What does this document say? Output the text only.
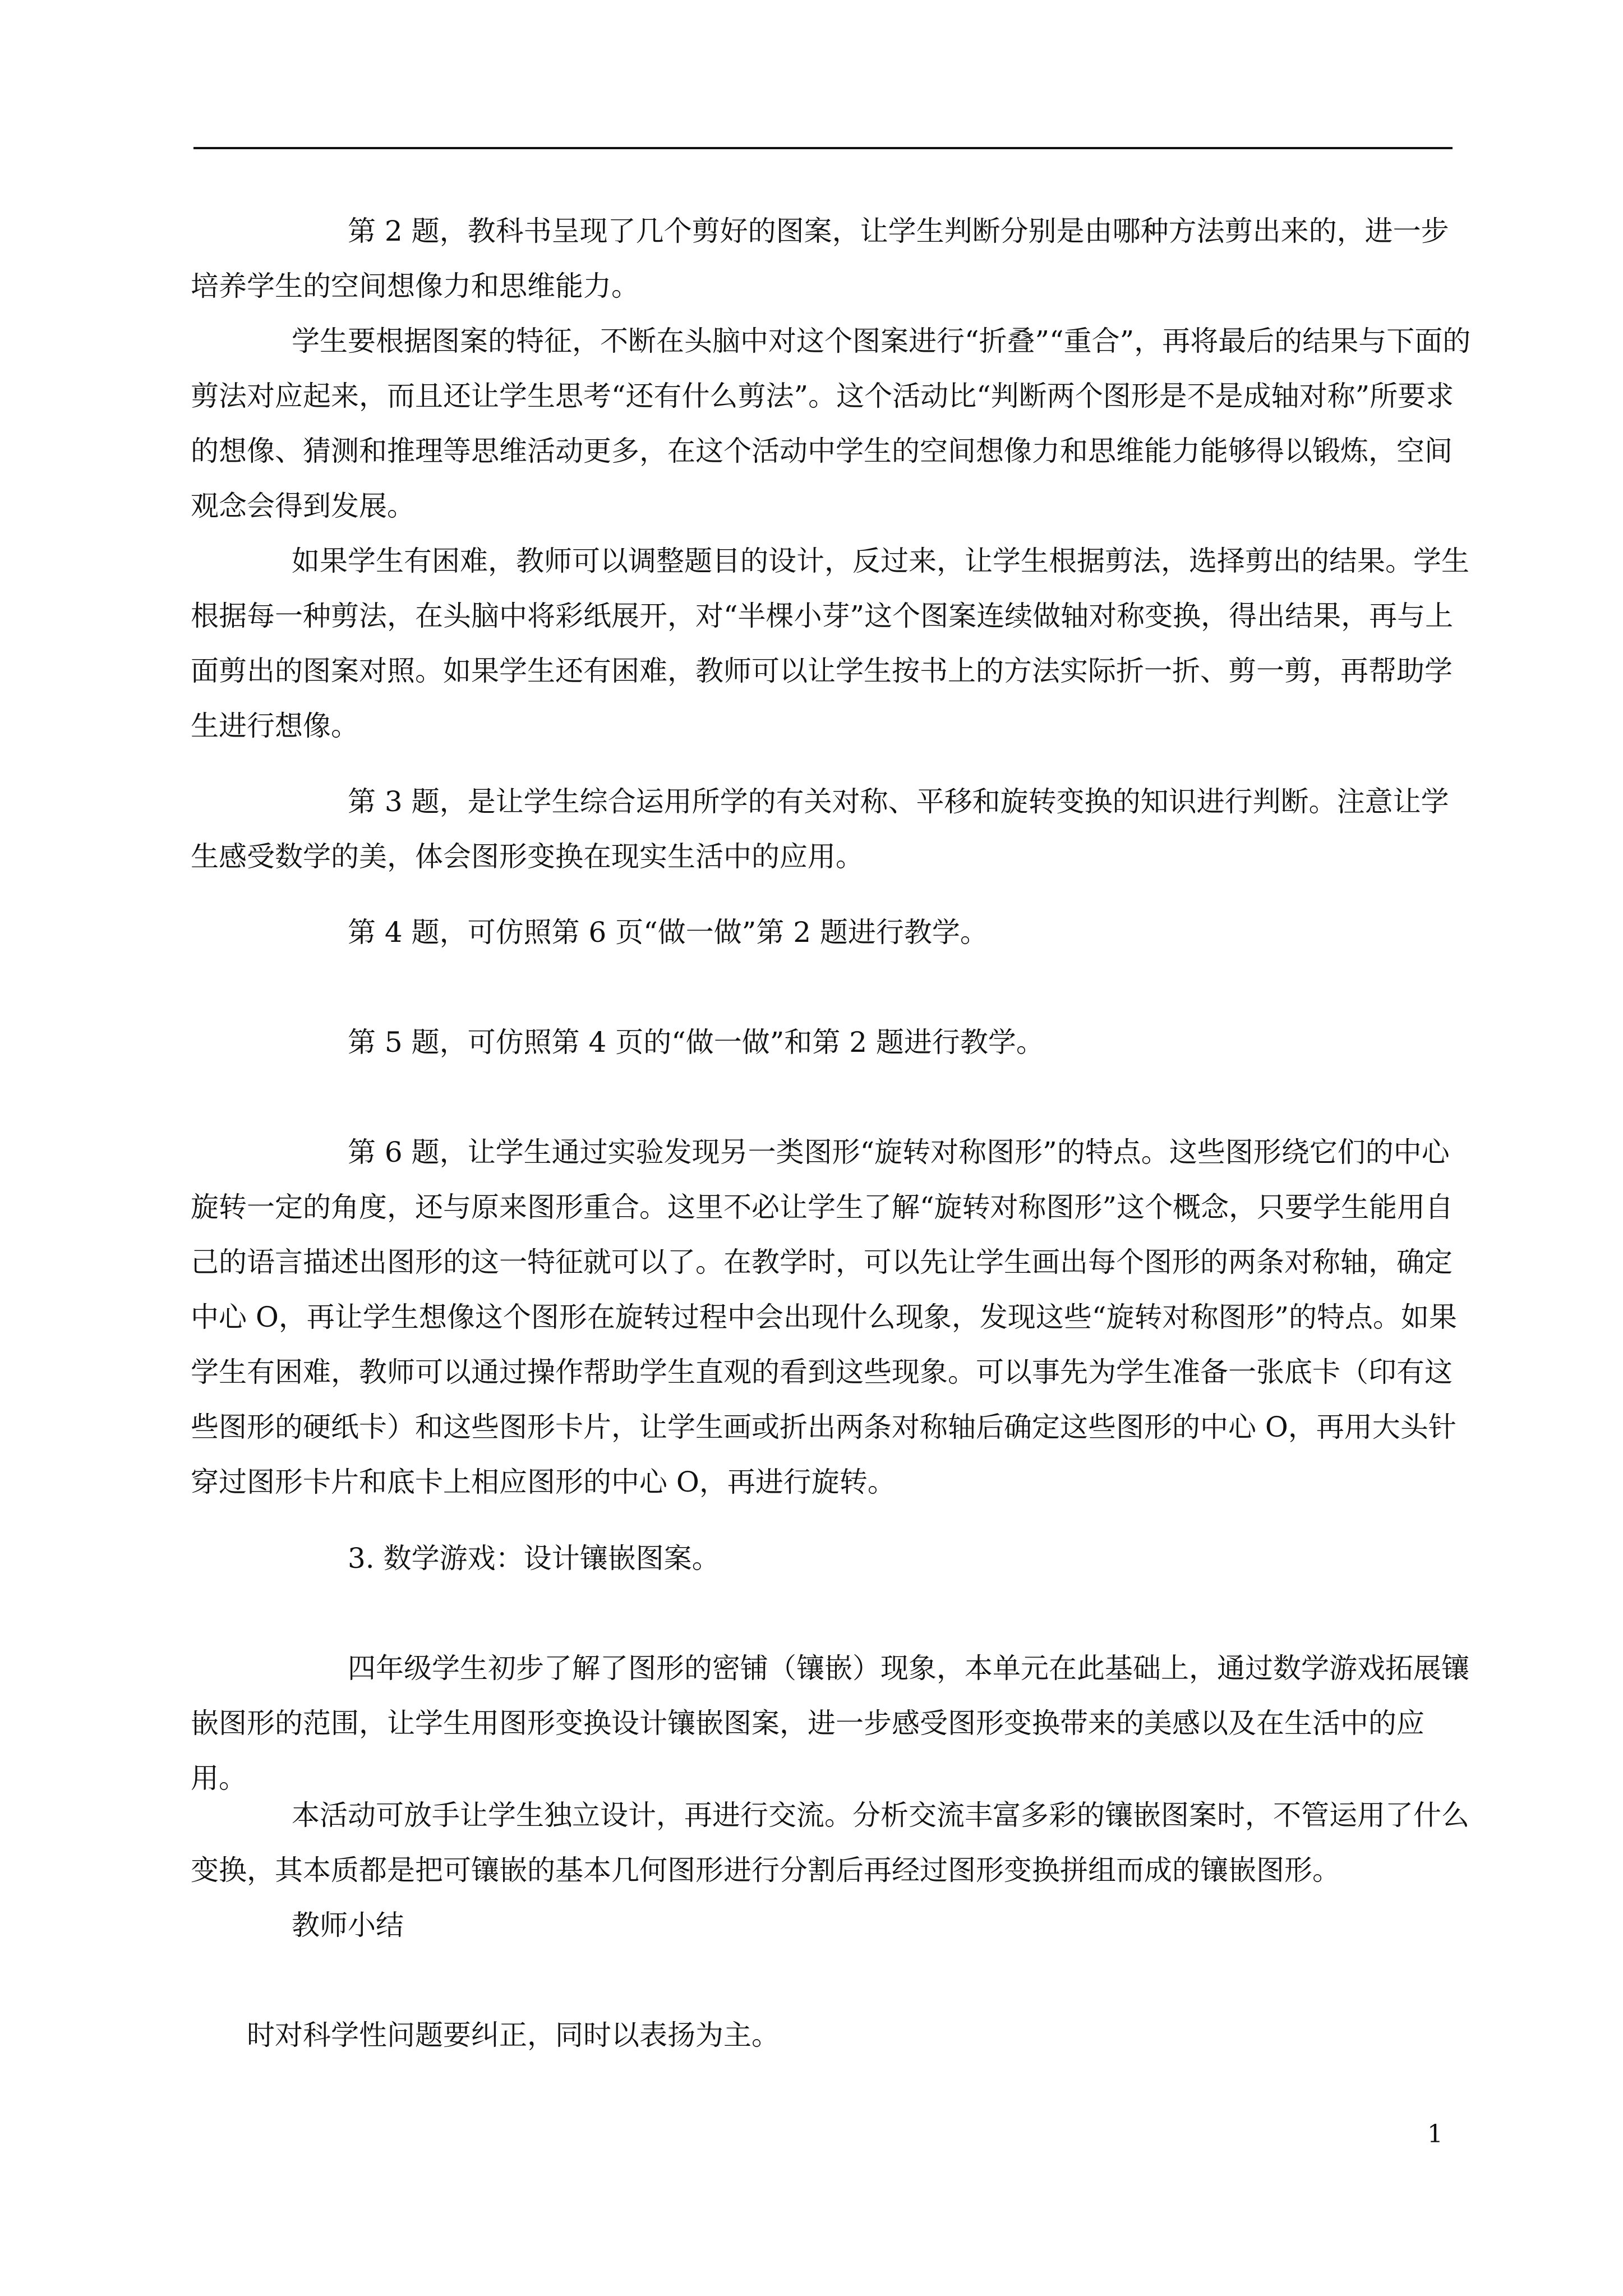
第 2 题，教科书呈现了几个剪好的图案，让学生判断分别是由哪种方法剪出来的，进一步培养学生的空间想像力和思维能力。

学生要根据图案的特征，不断在头脑中对这个图案进行“折叠”“重合”，再将最后的结果与下面的剪法对应起来，而且还让学生思考“还有什么剪法”。这个活动比“判断两个图形是不是成轴对称”所要求的想像、猜测和推理等思维活动更多，在这个活动中学生的空间想像力和思维能力能够得以锻炼，空间观念会得到发展。

如果学生有困难，教师可以调整题目的设计，反过来，让学生根据剪法，选择剪出的结果。学生根据每一种剪法，在头脑中将彩纸展开，对“半棵小芽”这个图案连续做轴对称变换，得出结果，再与上面剪出的图案对照。如果学生还有困难，教师可以让学生按书上的方法实际折一折、剪一剪，再帮助学生进行想像。

第 3 题，是让学生综合运用所学的有关对称、平移和旋转变换的知识进行判断。注意让学生感受数学的美，体会图形变换在现实生活中的应用。

第 4 题，可仿照第 6 页“做一做”第 2 题进行教学。

第 5 题，可仿照第 4 页的“做一做”和第 2 题进行教学。

第 6 题，让学生通过实验发现另一类图形“旋转对称图形”的特点。这些图形绕它们的中心旋转一定的角度，还与原来图形重合。这里不必让学生了解“旋转对称图形”这个概念，只要学生能用自己的语言描述出图形的这一特征就可以了。在教学时，可以先让学生画出每个图形的两条对称轴，确定中心 O，再让学生想像这个图形在旋转过程中会出现什么现象，发现这些“旋转对称图形”的特点。如果学生有困难，教师可以通过操作帮助学生直观的看到这些现象。可以事先为学生准备一张底卡（印有这些图形的硬纸卡）和这些图形卡片，让学生画或折出两条对称轴后确定这些图形的中心 O，再用大头针穿过图形卡片和底卡上相应图形的中心 O，再进行旋转。

3. 数学游戏：设计镶嵌图案。

四年级学生初步了解了图形的密铺（镶嵌）现象，本单元在此基础上，通过数学游戏拓展镶嵌图形的范围，让学生用图形变换设计镶嵌图案，进一步感受图形变换带来的美感以及在生活中的应用。

本活动可放手让学生独立设计，再进行交流。分析交流丰富多彩的镶嵌图案时，不管运用了什么变换，其本质都是把可镶嵌的基本几何图形进行分割后再经过图形变换拼组而成的镶嵌图形。

教师小结

时对科学性问题要纠正，同时以表扬为主。

1
